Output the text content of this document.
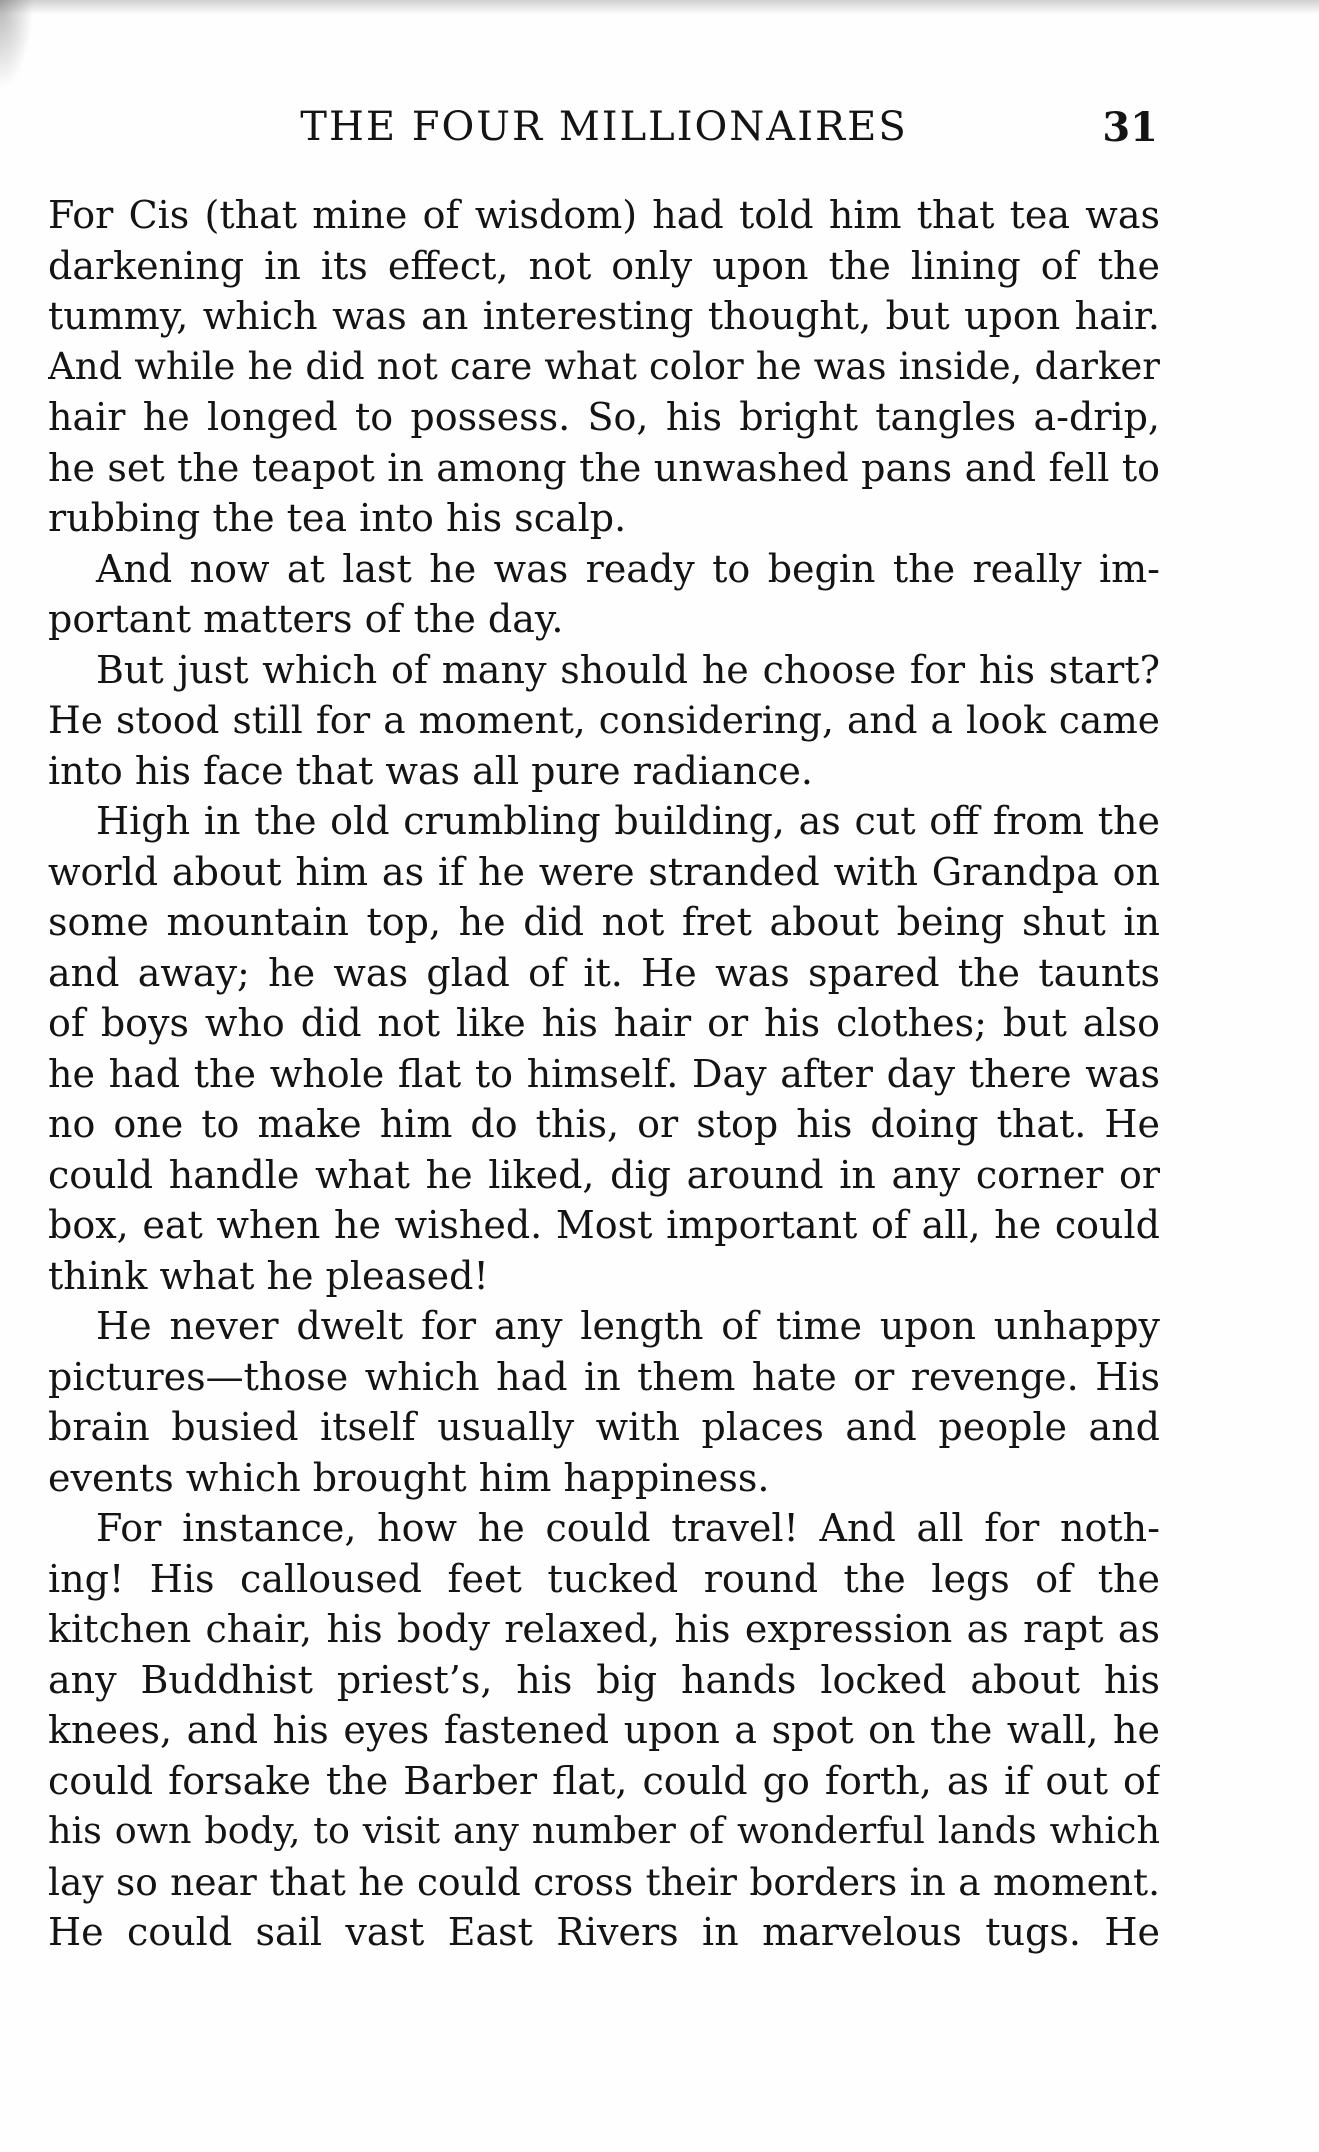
THE FOUR MILLIONAIRES	31
For Cis (that mine of wisdom) had told him that tea was
darkening in its effect, not only upon the lining of the
tummy, which was an interesting thought, but upon hair.
And while he did not care what color he was inside, darker
hair he longed to possess. So, his bright tangles a-drip,
he set the teapot in among the unwashed pans and fell to
rubbing the tea into his scalp.
And now at last he was ready to begin the really im-
portant matters of the day.
But just which of many should he choose for his start?
He stood still for a moment, considering, and a look came
into his face that was all pure radiance.
High in the old crumbling building, as cut off from the
world about him as if he were stranded with Grandpa on
some mountain top, he did not fret about being shut in
and away; he was glad of it. He was spared the taunts
of boys who did not like his hair or his clothes; but also
he had the whole flat to himself. Day after day there was
no one to make him do this, or stop his doing that. He
could handle what he liked, dig around in any corner or
box, eat when he wished. Most important of all, he could
think what he pleased!
He never dwelt for any length of time upon unhappy
pictures—those which had in them hate or revenge. His
brain busied itself usually with places and people and
events which brought him happiness.
For instance, how he could travel! And all for noth-
ing! His calloused feet tucked round the legs of the
kitchen chair, his body relaxed, his expression as rapt as
any Buddhist priest’s, his big hands locked about his
knees, and his eyes fastened upon a spot on the wall, he
could forsake the Barber flat, could go forth, as if out of
his own body, to visit any number of wonderful lands which
lay so near that he could cross their borders in a moment.
He could sail vast East Rivers in marvelous tugs. He
